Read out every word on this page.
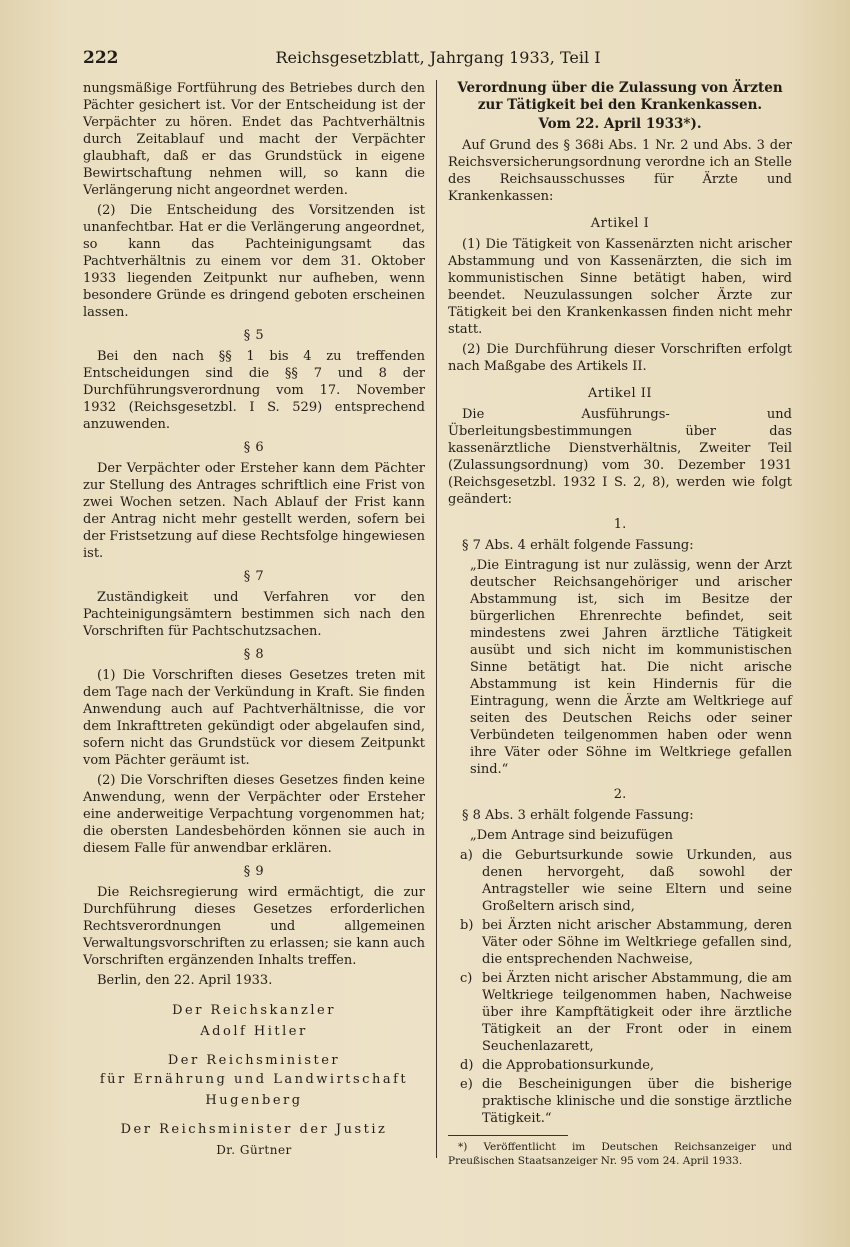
222	Reichsgesetzblatt, Jahrgang 1933, Teil I

nungsmäßige Fortführung des Betriebes durch den Pächter gesichert ist. Vor der Entscheidung ist der Verpächter zu hören. Endet das Pachtverhältnis durch Zeitablauf und macht der Verpächter glaubhaft, daß er das Grundstück in eigene Bewirtschaftung nehmen will, so kann die Verlängerung nicht angeordnet werden.

(2) Die Entscheidung des Vorsitzenden ist unanfechtbar. Hat er die Verlängerung angeordnet, so kann das Pachteinigungsamt das Pachtverhältnis zu einem vor dem 31. Oktober 1933 liegenden Zeitpunkt nur aufheben, wenn besondere Gründe es dringend geboten erscheinen lassen.

§ 5

Bei den nach §§ 1 bis 4 zu treffenden Entscheidungen sind die §§ 7 und 8 der Durchführungsverordnung vom 17. November 1932 (Reichsgesetzbl. I S. 529) entsprechend anzuwenden.

§ 6

Der Verpächter oder Ersteher kann dem Pächter zur Stellung des Antrages schriftlich eine Frist von zwei Wochen setzen. Nach Ablauf der Frist kann der Antrag nicht mehr gestellt werden, sofern bei der Fristsetzung auf diese Rechtsfolge hingewiesen ist.

§ 7

Zuständigkeit und Verfahren vor den Pachteinigungsämtern bestimmen sich nach den Vorschriften für Pachtschutzsachen.

§ 8

(1) Die Vorschriften dieses Gesetzes treten mit dem Tage nach der Verkündung in Kraft. Sie finden Anwendung auch auf Pachtverhältnisse, die vor dem Inkrafttreten gekündigt oder abgelaufen sind, sofern nicht das Grundstück vor diesem Zeitpunkt vom Pächter geräumt ist.

(2) Die Vorschriften dieses Gesetzes finden keine Anwendung, wenn der Verpächter oder Ersteher eine anderweitige Verpachtung vorgenommen hat; die obersten Landesbehörden können sie auch in diesem Falle für anwendbar erklären.

§ 9

Die Reichsregierung wird ermächtigt, die zur Durchführung dieses Gesetzes erforderlichen Rechtsverordnungen und allgemeinen Verwaltungsvorschriften zu erlassen; sie kann auch Vorschriften ergänzenden Inhalts treffen.

Berlin, den 22. April 1933.

Der Reichskanzler
Adolf Hitler
Der Reichsminister
für Ernährung und Landwirtschaft
Hugenberg
Der Reichsminister der Justiz
Dr. Gürtner
Verordnung über die Zulassung von Ärzten zur Tätigkeit bei den Krankenkassen.
Vom 22. April 1933*).

Auf Grund des § 368i Abs. 1 Nr. 2 und Abs. 3 der Reichsversicherungsordnung verordne ich an Stelle des Reichsausschusses für Ärzte und Krankenkassen:

Artikel I

(1) Die Tätigkeit von Kassenärzten nicht arischer Abstammung und von Kassenärzten, die sich im kommunistischen Sinne betätigt haben, wird beendet. Neuzulassungen solcher Ärzte zur Tätigkeit bei den Krankenkassen finden nicht mehr statt.

(2) Die Durchführung dieser Vorschriften erfolgt nach Maßgabe des Artikels II.

Artikel II

Die Ausführungs- und Überleitungsbestimmungen über das kassenärztliche Dienstverhältnis, Zweiter Teil (Zulassungsordnung) vom 30. Dezember 1931 (Reichsgesetzbl. 1932 I S. 2, 8), werden wie folgt geändert:

1.

§ 7 Abs. 4 erhält folgende Fassung:

„Die Eintragung ist nur zulässig, wenn der Arzt deutscher Reichsangehöriger und arischer Abstammung ist, sich im Besitze der bürgerlichen Ehrenrechte befindet, seit mindestens zwei Jahren ärztliche Tätigkeit ausübt und sich nicht im kommunistischen Sinne betätigt hat. Die nicht arische Abstammung ist kein Hindernis für die Eintragung, wenn die Ärzte am Weltkriege auf seiten des Deutschen Reichs oder seiner Verbündeten teilgenommen haben oder wenn ihre Väter oder Söhne im Weltkriege gefallen sind.“

2.

§ 8 Abs. 3 erhält folgende Fassung:

„Dem Antrage sind beizufügen

a) die Geburtsurkunde sowie Urkunden, aus denen hervorgeht, daß sowohl der Antragsteller wie seine Eltern und seine Großeltern arisch sind,
b) bei Ärzten nicht arischer Abstammung, deren Väter oder Söhne im Weltkriege gefallen sind, die entsprechenden Nachweise,
c) bei Ärzten nicht arischer Abstammung, die am Weltkriege teilgenommen haben, Nachweise über ihre Kampftätigkeit oder ihre ärztliche Tätigkeit an der Front oder in einem Seuchenlazarett,
d) die Approbationsurkunde,
e) die Bescheinigungen über die bisherige praktische klinische und die sonstige ärztliche Tätigkeit.“
*) Veröffentlicht im Deutschen Reichsanzeiger und Preußischen Staatsanzeiger Nr. 95 vom 24. April 1933.
